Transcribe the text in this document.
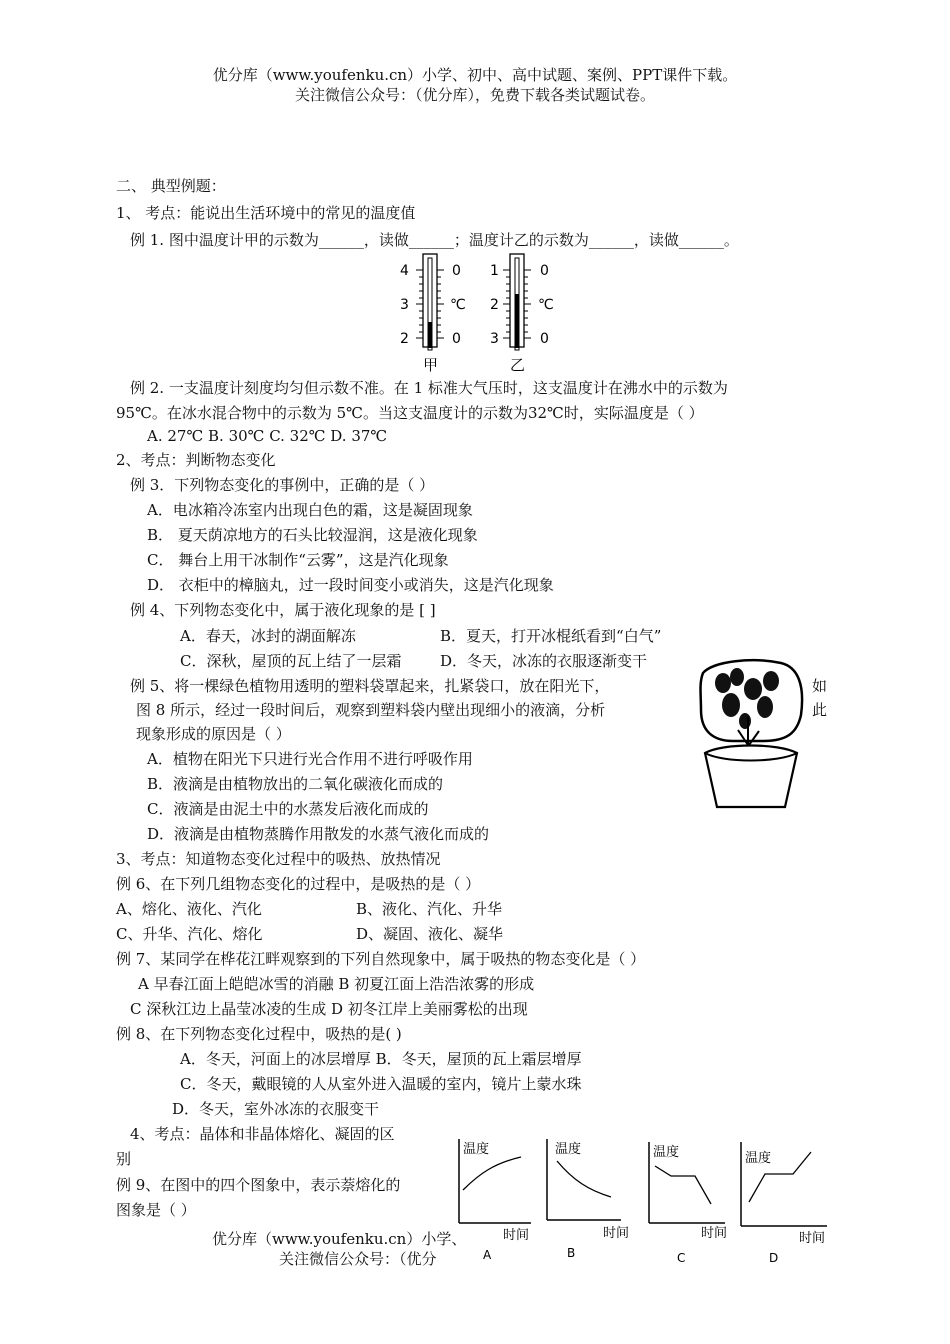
优分库（www.youfenku.cn）小学、初中、高中试题、案例、PPT课件下载。
关注微信公众号：（优分库），免费下载各类试题试卷。
二、 典型例题：
1、 考点：能说出生活环境中的常见的温度值
例 1. 图中温度计甲的示数为______，读做______；温度计乙的示数为______，读做______。
4
3
2
0
℃
0
甲
1
2
3
0
℃
0
乙
例 2. 一支温度计刻度均匀但示数不准。在 1 标准大气压时，这支温度计在沸水中的示数为
95℃。在冰水混合物中的示数为 5℃。当这支温度计的示数为32℃时，实际温度是（ ）
A. 27℃ B. 30℃ C. 32℃ D. 37℃
2、考点：判断物态变化
例 3．下列物态变化的事例中，正确的是（ ）
A．电冰箱冷冻室内出现白色的霜，这是凝固现象
B． 夏天荫凉地方的石头比较湿润，这是液化现象
C． 舞台上用干冰制作“云雾”，这是汽化现象
D． 衣柜中的樟脑丸，过一段时间变小或消失，这是汽化现象
例 4、下列物态变化中，属于液化现象的是 [ ]
A．春天，冰封的湖面解冻	B．夏天，打开冰棍纸看到“白气”
C．深秋，屋顶的瓦上结了一层霜	D．冬天，冰冻的衣服逐渐变干
例 5、将一棵绿色植物用透明的塑料袋罩起来，扎紧袋口，放在阳光下，	如
图 8 所示，经过一段时间后，观察到塑料袋内壁出现细小的液滴，分析	此
现象形成的原因是（ ）
A．植物在阳光下只进行光合作用不进行呼吸作用
B．液滴是由植物放出的二氧化碳液化而成的
C．液滴是由泥土中的水蒸发后液化而成的
D．液滴是由植物蒸腾作用散发的水蒸气液化而成的
3、考点：知道物态变化过程中的吸热、放热情况
例 6、在下列几组物态变化的过程中，是吸热的是（ ）
A、熔化、液化、汽化	B、液化、汽化、升华
C、升华、汽化、熔化	D、凝固、液化、凝华
例 7、某同学在桦花江畔观察到的下列自然现象中，属于吸热的物态变化是（ ）
A 早春江面上皑皑冰雪的消融 B 初夏江面上浩浩浓雾的形成
C 深秋江边上晶莹冰凌的生成 D 初冬江岸上美丽雾松的出现
例 8、在下列物态变化过程中，吸热的是( )
A．冬天，河面上的冰层增厚 B．冬天，屋顶的瓦上霜层增厚
C．冬天，戴眼镜的人从室外进入温暖的室内，镜片上蒙水珠
D．冬天，室外冰冻的衣服变干
4、考点：晶体和非晶体熔化、凝固的区
别
例 9、在图中的四个图象中，表示萘熔化的
图象是（ ）
温度
时间
A
温度
时间
B
温度
时间
C
温度
时间
D
优分库（www.youfenku.cn）小学、
关注微信公众号：（优分
